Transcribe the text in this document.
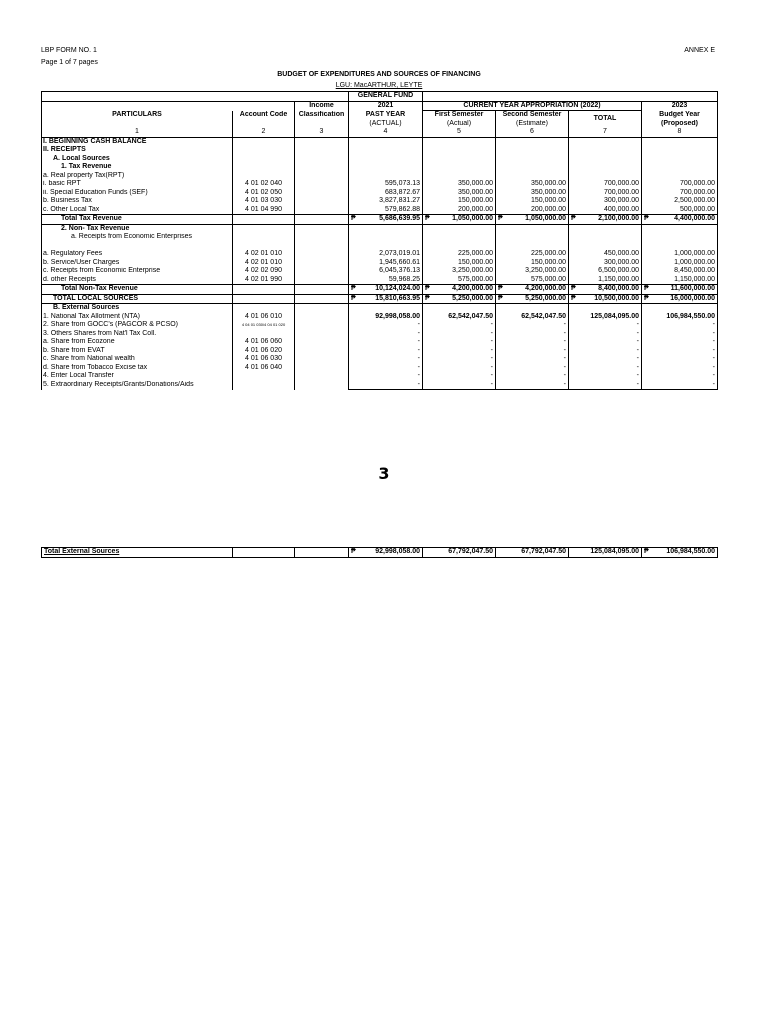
LBP FORM NO. 1	ANNEX E
Page 1 of 7 pages
BUDGET OF EXPENDITURES AND SOURCES OF FINANCING
LGU: MacARTHUR, LEYTE
			GENERAL FUND				
		Income	2021	CURRENT YEAR APPROPRIATION (2022)			2023
PARTICULARS	Account Code	Classification	PAST YEAR	First Semester	Second Semester	TOTAL	Budget Year
			(ACTUAL)	(Actual)	(Estimate)		(Proposed)
1	2	3	4	5	6	7	8
I. BEGINNING CASH BALANCE							
II. RECEIPTS							
A. Local Sources							
1. Tax Revenue							
a. Real property Tax(RPT)							
i. basic RPT	4 01 02 040		595,073.13	350,000.00	350,000.00	700,000.00	700,000.00
ii. Special Education Funds (SEF)	4 01 02 050		683,872.67	350,000.00	350,000.00	700,000.00	700,000.00
b. Business Tax	4 01 03 030		3,827,831.27	150,000.00	150,000.00	300,000.00	2,500,000.00
c. Other Local Tax	4 01 04 990		579,862.88	200,000.00	200,000.00	400,000.00	500,000.00
Total Tax Revenue			₱ 5,686,639.95	₱ 1,050,000.00	₱ 1,050,000.00	₱ 2,100,000.00	₱ 4,400,000.00
2. Non- Tax Revenue							
a. Receipts from Economic Enterprises							

a. Regulatory Fees	4 02 01 010		2,073,019.01	225,000.00	225,000.00	450,000.00	1,000,000.00
b. Service/User Charges	4 02 01 010		1,945,660.61	150,000.00	150,000.00	300,000.00	1,000,000.00
c. Receipts from Economic Enterprise	4 02 02 090		6,045,376.13	3,250,000.00	3,250,000.00	6,500,000.00	8,450,000.00
d. other Receipts	4 02 01 990		59,968.25	575,000.00	575,000.00	1,150,000.00	1,150,000.00
Total Non-Tax Revenue			₱ 10,124,024.00	₱ 4,200,000.00	₱ 4,200,000.00	₱ 8,400,000.00	₱ 11,600,000.00
TOTAL LOCAL SOURCES			₱ 15,810,663.95	₱ 5,250,000.00	₱ 5,250,000.00	₱ 10,500,000.00	₱ 16,000,000.00
B. External Sources							
1. National Tax Allotment (NTA)	4 01 06 010		92,998,058.00	62,542,047.50	62,542,047.50	125,084,095.00	106,984,550.00
2. Share from GOCC's (PAGCOR & PCSO)	4 04 01 030/4 04 01 020		-	-	-	-	-
3. Others Shares from Nat'l Tax Coll.			-	-	-	-	-
a. Share from Ecozone	4 01 06 060		-	-	-	-	-
b. Share from EVAT	4 01 06 020		-	-	-	-	-
c. Share from National wealth	4 01 06 030		-	-	-	-	-
d. Share from Tobacco Excise tax	4 01 06 040		-	-	-	-	-
4. Enter Local Transfer			-	-	-	-	-
5. Extraordinary Receipts/Grants/Donations/Aids			-	-	-	-	-
3
Total External Sources			₱	92,998,058.00	67,792,047.50	67,792,047.50	125,084,095.00	₱	106,984,550.00
